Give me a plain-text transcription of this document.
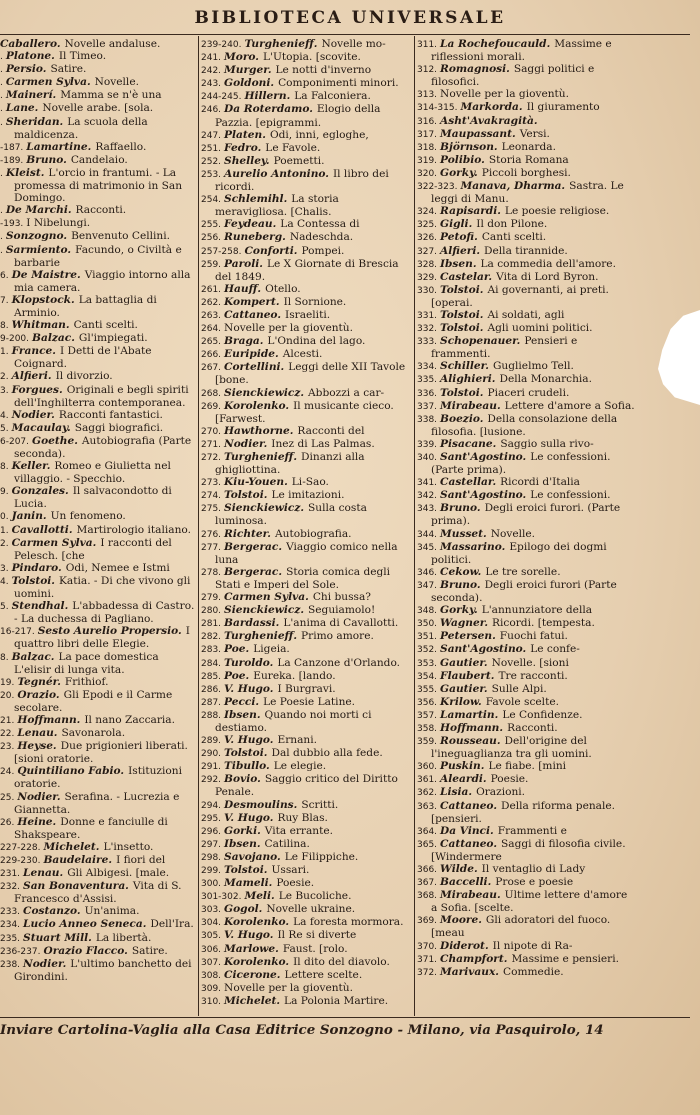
BIBLIOTECA UNIVERSALE

Caballero. Novelle andaluse.

. Platone. Il Timeo.

. Persio. Satire.

. Carmen Sylva. Novelle.

. Mainerí. Mamma se n'è una

. Lane. Novelle arabe. [sola.

. Sheridan. La scuola della maldicenza.

-187. Lamartine. Raffaello.

-189. Bruno. Candelaio.

. Kleist. L'orcio in frantumi. - La promessa di matrimonio in San Domingo.

. De Marchi. Racconti.

-193. I Nibelungi.

. Sonzogno. Benvenuto Cellini.

. Sarmiento. Facundo, o Civiltà e barbarie

6. De Maistre. Viaggio intorno alla mia camera.

7. Klopstock. La battaglia di Arminio.

8. Whitman. Canti scelti.

9-200. Balzac. Gl'impiegati.

1. France. I Detti de l'Abate Coignard.

2. Alfieri. Il divorzio.

3. Forgues. Originali e begli spiriti dell'Inghilterra contemporanea.

4. Nodier. Racconti fantastici.

5. Macaulay. Saggi biografici.

6-207. Goethe. Autobiografia (Parte seconda).

8. Keller. Romeo e Giulietta nel villaggio. - Specchio.

9. Gonzales. Il salvacondotto di Lucia.

0. Janin. Un fenomeno.

1. Cavallotti. Martirologio italiano.

2. Carmen Sylva. I racconti del Pelesch. [che

3. Pindaro. Odi, Nemee e Istmi

4. Tolstoi. Katia. - Di che vivono gli uomini.

5. Stendhal. L'abbadessa di Castro. - La duchessa di Pagliano.

16-217. Sesto Aurelio Propersio. I quattro libri delle Elegie.

8. Balzac. La pace domestica L'elisir di lunga vita.

19. Tegnér. Frithiof.

20. Orazio. Gli Epodi e il Carme secolare.

21. Hoffmann. Il nano Zaccaria.

22. Lenau. Savonarola.

23. Heyse. Due prigionieri liberati. [sioni oratorie.

24. Quintiliano Fabio. Istituzioni oratorie.

25. Nodier. Serafina. - Lucrezia e Giannetta.

26. Heine. Donne e fanciulle di Shakspeare.

227-228. Michelet. L'insetto.

229-230. Baudelaire. I fiori del

231. Lenau. Gli Albigesi. [male.

232. San Bonaventura. Vita di S. Francesco d'Assisi.

233. Costanzo. Un'anima.

234. Lucio Anneo Seneca. Dell'Ira.

235. Stuart Mill. La libertà.

236-237. Orazio Flacco. Satire.

238. Nodier. L'ultimo banchetto dei Girondini.

239-240. Turghenieff. Novelle mo-

241. Moro. L'Utopia. [scovite.

242. Murger. Le notti d'inverno

243. Goldoni. Componimenti minori.

244-245. Hillern. La Falconiera.

246. Da Roterdamo. Elogio della Pazzia. [epigrammi.

247. Platen. Odi, inni, egloghe,

251. Fedro. Le Favole.

252. Shelley. Poemetti.

253. Aurelio Antonino. Il libro dei ricordi.

254. Schlemihl. La storia meravigliosa. [Chalis.

255. Feydeau. La Contessa di

256. Runeberg. Nadeschda.

257-258. Conforti. Pompei.

259. Paroli. Le X Giornate di Brescia del 1849.

261. Hauff. Otello.

262. Kompert. Il Sornione.

263. Cattaneo. Israeliti.

264. Novelle per la gioventù.

265. Braga. L'Ondina del lago.

266. Euripide. Alcesti.

267. Cortellini. Leggi delle XII Tavole [bone.

268. Sienckiewicz. Abbozzi a car-

269. Korolenko. Il musicante cieco. [Farwest.

270. Hawthorne. Racconti del

271. Nodier. Inez di Las Palmas.

272. Turghenieff. Dinanzi alla ghigliottina.

273. Kiu-Youen. Li-Sao.

274. Tolstoi. Le imitazioni.

275. Sienckiewicz. Sulla costa luminosa.

276. Richter. Autobiografia.

277. Bergerac. Viaggio comico nella luna

278. Bergerac. Storia comica degli Stati e Imperi del Sole.

279. Carmen Sylva. Chi bussa?

280. Sienckiewicz. Seguiamolo!

281. Bardassi. L'anima di Cavallotti.

282. Turghenieff. Primo amore.

283. Poe. Ligeia.

284. Turoldo. La Canzone d'Orlando.

285. Poe. Eureka. [lando.

286. V. Hugo. I Burgravi.

287. Pecci. Le Poesie Latine.

288. Ibsen. Quando noi morti ci destiamo.

289. V. Hugo. Ernani.

290. Tolstoi. Dal dubbio alla fede.

291. Tibullo. Le elegie.

292. Bovio. Saggio critico del Diritto Penale.

294. Desmoulins. Scritti.

295. V. Hugo. Ruy Blas.

296. Gorki. Vita errante.

297. Ibsen. Catilina.

298. Savojano. Le Filippiche.

299. Tolstoi. Ussari.

300. Mameli. Poesie.

301-302. Meli. Le Bucoliche.

303. Gogol. Novelle ukraine.

304. Korolenko. La foresta mormora.

305. V. Hugo. Il Re si diverte

306. Marlowe. Faust. [rolo.

307. Korolenko. Il dito del diavolo.

308. Cicerone. Lettere scelte.

309. Novelle per la gioventù.

310. Michelet. La Polonia Martire.

311. La Rochefoucauld. Massime e riflessioni morali.

312. Romagnosi. Saggi politici e filosofici.

313. Novelle per la gioventù.

314-315. Markorda. Il giuramento

316. Asht'Avakragità.

317. Maupassant. Versi.

318. Björnson. Leonarda.

319. Polibio. Storia Romana

320. Gorky. Piccoli borghesi.

322-323. Manava, Dharma. Sastra. Le leggi di Manu.

324. Rapisardi. Le poesie religiose.

325. Gigli. Il don Pilone.

326. Petofi. Canti scelti.

327. Alfieri. Della tirannide.

328. Ibsen. La commedia dell'amore.

329. Castelar. Vita di Lord Byron.

330. Tolstoi. Ai governanti, ai preti. [operai.

331. Tolstoi. Ai soldati, agli

332. Tolstoi. Agli uomini politici.

333. Schopenauer. Pensieri e frammenti.

334. Schiller. Guglielmo Tell.

335. Alighieri. Della Monarchia.

336. Tolstoi. Piaceri crudeli.

337. Mirabeau. Lettere d'amore a Sofia.

338. Boezio. Della consolazione della filosofia. [lusione.

339. Pisacane. Saggio sulla rivo-

340. Sant'Agostino. Le confessioni. (Parte prima).

341. Castellar. Ricordi d'Italia

342. Sant'Agostino. Le confessioni.

343. Bruno. Degli eroici furori. (Parte prima).

344. Musset. Novelle.

345. Massarino. Epilogo dei dogmi politici.

346. Cekow. Le tre sorelle.

347. Bruno. Degli eroici furori (Parte seconda).

348. Gorky. L'annunziatore della

350. Wagner. Ricordi. [tempesta.

351. Petersen. Fuochi fatui.

352. Sant'Agostino. Le confe-

353. Gautier. Novelle. [sioni

354. Flaubert. Tre racconti.

355. Gautier. Sulle Alpi.

356. Krilow. Favole scelte.

357. Lamartin. Le Confidenze.

358. Hoffmann. Racconti.

359. Rousseau. Dell'origine del l'ineguaglianza tra gli uomini.

360. Puskin. Le fiabe. [mini

361. Aleardi. Poesie.

362. Lisia. Orazioni.

363. Cattaneo. Della riforma penale. [pensieri.

364. Da Vinci. Frammenti e

365. Cattaneo. Saggi di filosofia civile. [Windermere

366. Wilde. Il ventaglio di Lady

367. Baccelli. Prose e poesie

368. Mirabeau. Ultime lettere d'amore a Sofia. [scelte.

369. Moore. Gli adoratori del fuoco. [meau

370. Diderot. Il nipote di Ra-

371. Champfort. Massime e pensieri.

372. Marivaux. Commedie.

Inviare Cartolina-Vaglia alla Casa Editrice Sonzogno - Milano, via Pasquirolo, 14
